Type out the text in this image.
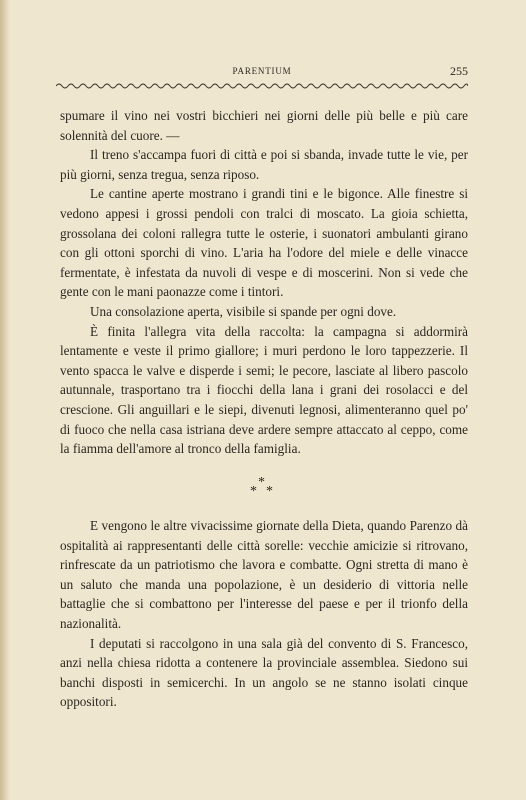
PARENTIUM	255

spumare il vino nei vostri bicchieri nei giorni delle più belle e più care solennità del cuore. —

Il treno s'accampa fuori di città e poi si sbanda, invade tutte le vie, per più giorni, senza tregua, senza riposo.

Le cantine aperte mostrano i grandi tini e le bigonce. Alle finestre si vedono appesi i grossi pendoli con tralci di moscato. La gioia schietta, grossolana dei coloni rallegra tutte le osterie, i suonatori ambulanti girano con gli ottoni sporchi di vino. L'aria ha l'odore del miele e delle vinacce fermentate, è infestata da nuvoli di vespe e di moscerini. Non si vede che gente con le mani paonazze come i tintori.

Una consolazione aperta, visibile si spande per ogni dove.

È finita l'allegra vita della raccolta: la campagna si addormirà lentamente e veste il primo giallore; i muri perdono le loro tappezzerie. Il vento spacca le valve e disperde i semi; le pecore, lasciate al libero pascolo autunnale, trasportano tra i fiocchi della lana i grani dei rosolacci e del crescione. Gli anguillari e le siepi, divenuti legnosi, alimenteranno quel po' di fuoco che nella casa istriana deve ardere sempre attaccato al ceppo, come la fiamma dell'amore al tronco della famiglia.

*
* *

E vengono le altre vivacissime giornate della Dieta, quando Parenzo dà ospitalità ai rappresentanti delle città sorelle: vecchie amicizie si ritrovano, rinfrescate da un patriotismo che lavora e combatte. Ogni stretta di mano è un saluto che manda una popolazione, è un desiderio di vittoria nelle battaglie che si combattono per l'interesse del paese e per il trionfo della nazionalità.

I deputati si raccolgono in una sala già del convento di S. Francesco, anzi nella chiesa ridotta a contenere la provinciale assemblea. Siedono sui banchi disposti in semicerchi. In un angolo se ne stanno isolati cinque oppositori.
